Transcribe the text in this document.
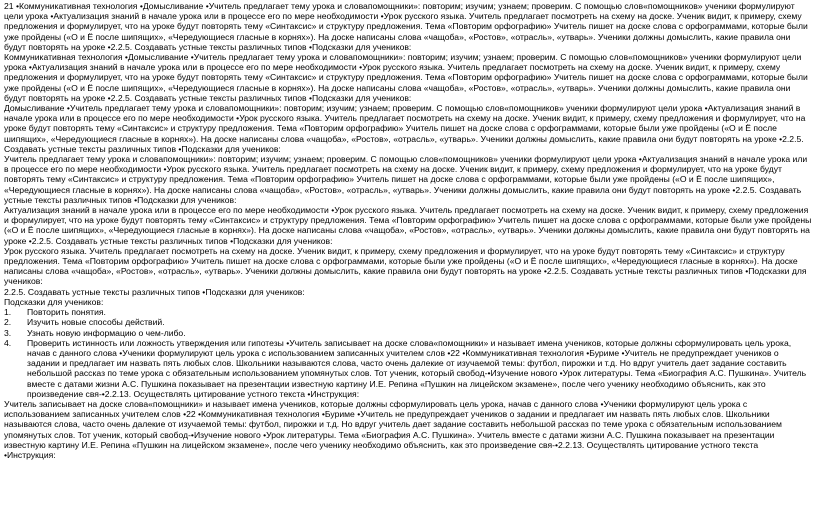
21 •Коммуникативная технология •Домысливание •Учитель предлагает тему урока и словапомощники»: повторим; изучим; узнаем; проверим. С помощью слов«помощников» ученики формулируют цели урока •Актуализация знаний в начале урока или в процессе его по мере необходимости •Урок русского языка. Учитель предлагает посмотреть на схему на доске. Ученик видит, к примеру, схему предложения и формулирует, что на уроке будут повторять тему «Синтаксис» и структуру предложения. Тема «Повторим орфографию» Учитель пишет на доске слова с орфограммами, которые были уже пройдены («О и Ё после шипящих», «Чередующиеся гласные в корнях»). На доске написаны слова «чащоба», «Ростов», «отрасль», «утварь». Ученики должны домыслить, какие правила они будут повторять на уроке •2.2.5. Создавать устные тексты различных типов •Подсказки для учеников:

Коммуникативная технология •Домысливание •Учитель предлагает тему урока и словапомощники»: повторим; изучим; узнаем; проверим. С помощью слов«помощников» ученики формулируют цели урока •Актуализация знаний в начале урока или в процессе его по мере необходимости •Урок русского языка. Учитель предлагает посмотреть на схему на доске. Ученик видит, к примеру, схему предложения и формулирует, что на уроке будут повторять тему «Синтаксис» и структуру предложения. Тема «Повторим орфографию» Учитель пишет на доске слова с орфограммами, которые были уже пройдены («О и Ё после шипящих», «Чередующиеся гласные в корнях»). На доске написаны слова «чащоба», «Ростов», «отрасль», «утварь». Ученики должны домыслить, какие правила они будут повторять на уроке •2.2.5. Создавать устные тексты различных типов •Подсказки для учеников:

Домысливание •Учитель предлагает тему урока и словапомощники»: повторим; изучим; узнаем; проверим. С помощью слов«помощников» ученики формулируют цели урока •Актуализация знаний в начале урока или в процессе его по мере необходимости •Урок русского языка. Учитель предлагает посмотреть на схему на доске. Ученик видит, к примеру, схему предложения и формулирует, что на уроке будут повторять тему «Синтаксис» и структуру предложения. Тема «Повторим орфографию» Учитель пишет на доске слова с орфограммами, которые были уже пройдены («О и Ё после шипящих», «Чередующиеся гласные в корнях»). На доске написаны слова «чащоба», «Ростов», «отрасль», «утварь». Ученики должны домыслить, какие правила они будут повторять на уроке •2.2.5. Создавать устные тексты различных типов •Подсказки для учеников:

Учитель предлагает тему урока и словапомощники»: повторим; изучим; узнаем; проверим. С помощью слов«помощников» ученики формулируют цели урока •Актуализация знаний в начале урока или в процессе его по мере необходимости •Урок русского языка. Учитель предлагает посмотреть на схему на доске. Ученик видит, к примеру, схему предложения и формулирует, что на уроке будут повторять тему «Синтаксис» и структуру предложения. Тема «Повторим орфографию» Учитель пишет на доске слова с орфограммами, которые были уже пройдены («О и Ё после шипящих», «Чередующиеся гласные в корнях»). На доске написаны слова «чащоба», «Ростов», «отрасль», «утварь». Ученики должны домыслить, какие правила они будут повторять на уроке •2.2.5. Создавать устные тексты различных типов •Подсказки для учеников:

Актуализация знаний в начале урока или в процессе его по мере необходимости •Урок русского языка. Учитель предлагает посмотреть на схему на доске. Ученик видит, к примеру, схему предложения и формулирует, что на уроке будут повторять тему «Синтаксис» и структуру предложения. Тема «Повторим орфографию» Учитель пишет на доске слова с орфограммами, которые были уже пройдены («О и Ё после шипящих», «Чередующиеся гласные в корнях»). На доске написаны слова «чащоба», «Ростов», «отрасль», «утварь». Ученики должны домыслить, какие правила они будут повторять на уроке •2.2.5. Создавать устные тексты различных типов •Подсказки для учеников:

Урок русского языка. Учитель предлагает посмотреть на схему на доске. Ученик видит, к примеру, схему предложения и формулирует, что на уроке будут повторять тему «Синтаксис» и структуру предложения. Тема «Повторим орфографию» Учитель пишет на доске слова с орфограммами, которые были уже пройдены («О и Ё после шипящих», «Чередующиеся гласные в корнях»). На доске написаны слова «чащоба», «Ростов», «отрасль», «утварь». Ученики должны домыслить, какие правила они будут повторять на уроке •2.2.5. Создавать устные тексты различных типов •Подсказки для учеников:

2.2.5. Создавать устные тексты различных типов •Подсказки для учеников:

Подсказки для учеников:

1.	Повторить понятия.
2.	Изучить новые способы действий.
3.	Узнать новую информацию о чем-либо.
4.	Проверить истинность или ложность утверждения или гипотезы •Учитель записывает на доске слова«помощники» и называет имена учеников, которые должны сформулировать цель урока, начав с данного слова •Ученики формулируют цель урока с использованием записанных учителем слов •22 •Коммуникативная технология •Буриме •Учитель не предупреждает учеников о задании и предлагает им назвать пять любых слов. Школьники называются слова, часто очень далекие от изучаемой темы: футбол, пирожки и т.д. Но вдруг учитель дает задание составить небольшой рассказ по теме урока с обязательным использованием упомянутых слов. Тот ученик, который свобод-•Изучение нового •Урок литературы. Тема «Биография А.С. Пушкина». Учитель вместе с датами жизни А.С. Пушкина показывает на презентации известную картину И.Е. Репина «Пушкин на лицейском экзамене», после чего ученику необходимо объяснить, как это произведение свя-•2.2.13. Осуществлять цитирование устного текста •Инструкция:

Учитель записывает на доске слова«помощники» и называет имена учеников, которые должны сформулировать цель урока, начав с данного слова •Ученики формулируют цель урока с использованием записанных учителем слов •22 •Коммуникативная технология •Буриме •Учитель не предупреждает учеников о задании и предлагает им назвать пять любых слов. Школьники называются слова, часто очень далекие от изучаемой темы: футбол, пирожки и т.д. Но вдруг учитель дает задание составить небольшой рассказ по теме урока с обязательным использованием упомянутых слов. Тот ученик, который свобод-•Изучение нового •Урок литературы. Тема «Биография А.С. Пушкина». Учитель вместе с датами жизни А.С. Пушкина показывает на презентации известную картину И.Е. Репина «Пушкин на лицейском экзамене», после чего ученику необходимо объяснить, как это произведение свя-•2.2.13. Осуществлять цитирование устного текста •Инструкция:
